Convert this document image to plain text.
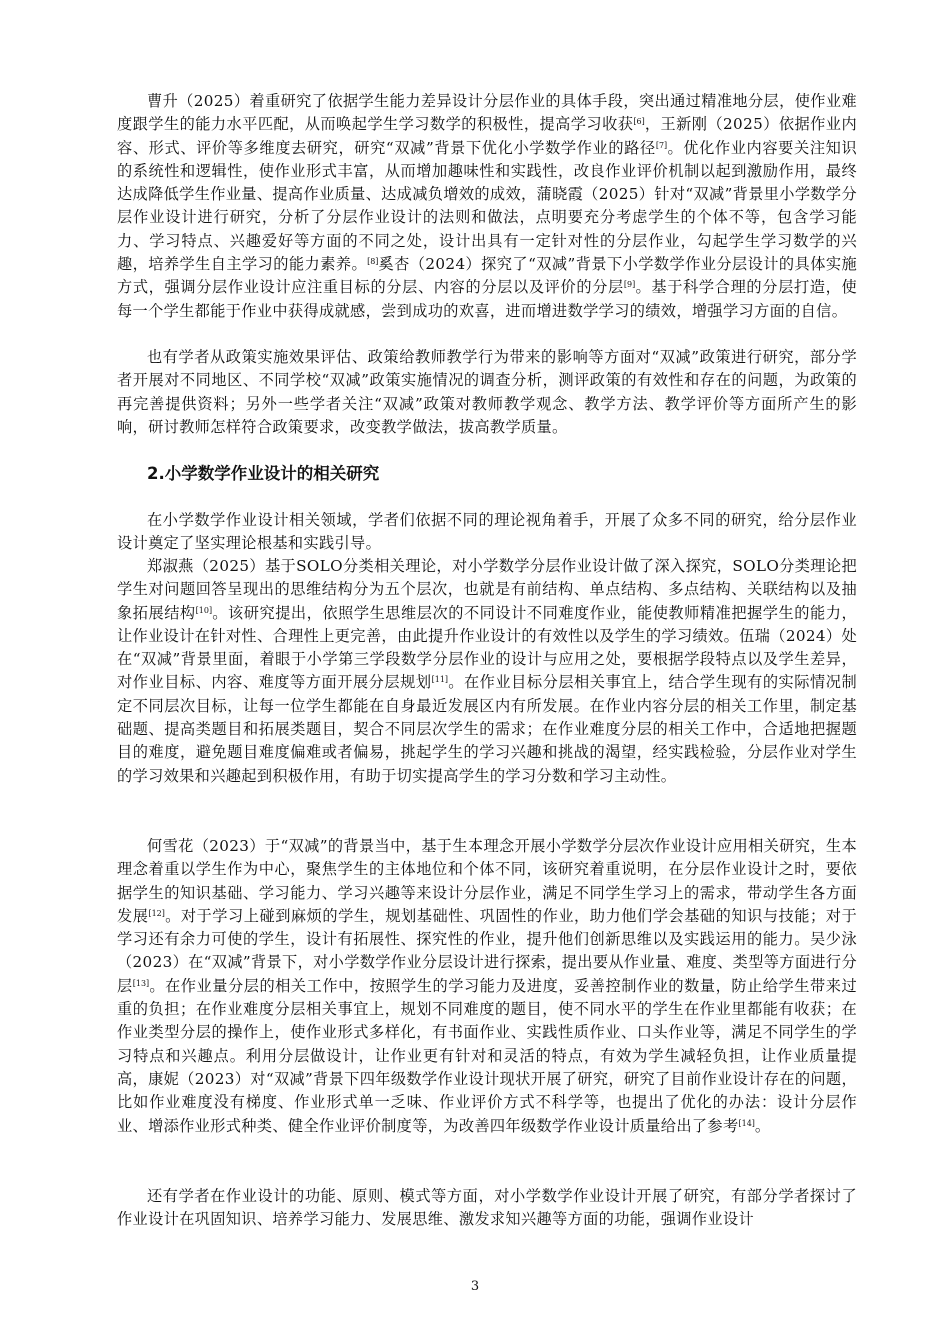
曹升（2025）着重研究了依据学生能力差异设计分层作业的具体手段，突出通过精准地分层，使作业难度跟学生的能力水平匹配，从而唤起学生学习数学的积极性，提高学习收获[6]，王新刚（2025）依据作业内容、形式、评价等多维度去研究，研究“双减”背景下优化小学数学作业的路径[7]。优化作业内容要关注知识的系统性和逻辑性，使作业形式丰富，从而增加趣味性和实践性，改良作业评价机制以起到激励作用，最终达成降低学生作业量、提高作业质量、达成减负增效的成效，蒲晓霞（2025）针对“双减”背景里小学数学分层作业设计进行研究，分析了分层作业设计的法则和做法，点明要充分考虑学生的个体不等，包含学习能力、学习特点、兴趣爱好等方面的不同之处，设计出具有一定针对性的分层作业，勾起学生学习数学的兴趣，培养学生自主学习的能力素养。[8]奚杏（2024）探究了“双减”背景下小学数学作业分层设计的具体实施方式，强调分层作业设计应注重目标的分层、内容的分层以及评价的分层[9]。基于科学合理的分层打造，使每一个学生都能于作业中获得成就感，尝到成功的欢喜，进而增进数学学习的绩效，增强学习方面的自信。

也有学者从政策实施效果评估、政策给教师教学行为带来的影响等方面对“双减”政策进行研究，部分学者开展对不同地区、不同学校“双减”政策实施情况的调查分析，测评政策的有效性和存在的问题，为政策的再完善提供资料；另外一些学者关注“双减”政策对教师教学观念、教学方法、教学评价等方面所产生的影响，研讨教师怎样符合政策要求，改变教学做法，拔高教学质量。

2.小学数学作业设计的相关研究

在小学数学作业设计相关领域，学者们依据不同的理论视角着手，开展了众多不同的研究，给分层作业设计奠定了坚实理论根基和实践引导。

郑淑燕（2025）基于SOLO分类相关理论，对小学数学分层作业设计做了深入探究，SOLO分类理论把学生对问题回答呈现出的思维结构分为五个层次，也就是有前结构、单点结构、多点结构、关联结构以及抽象拓展结构[10]。该研究提出，依照学生思维层次的不同设计不同难度作业，能使教师精准把握学生的能力，让作业设计在针对性、合理性上更完善，由此提升作业设计的有效性以及学生的学习绩效。伍瑞（2024）处在“双减”背景里面，着眼于小学第三学段数学分层作业的设计与应用之处，要根据学段特点以及学生差异，对作业目标、内容、难度等方面开展分层规划[11]。在作业目标分层相关事宜上，结合学生现有的实际情况制定不同层次目标，让每一位学生都能在自身最近发展区内有所发展。在作业内容分层的相关工作里，制定基础题、提高类题目和拓展类题目，契合不同层次学生的需求；在作业难度分层的相关工作中，合适地把握题目的难度，避免题目难度偏难或者偏易，挑起学生的学习兴趣和挑战的渴望，经实践检验，分层作业对学生的学习效果和兴趣起到积极作用，有助于切实提高学生的学习分数和学习主动性。

何雪花（2023）于“双减”的背景当中，基于生本理念开展小学数学分层次作业设计应用相关研究，生本理念着重以学生作为中心，聚焦学生的主体地位和个体不同，该研究着重说明，在分层作业设计之时，要依据学生的知识基础、学习能力、学习兴趣等来设计分层作业，满足不同学生学习上的需求，带动学生各方面发展[12]。对于学习上碰到麻烦的学生，规划基础性、巩固性的作业，助力他们学会基础的知识与技能；对于学习还有余力可使的学生，设计有拓展性、探究性的作业，提升他们创新思维以及实践运用的能力。吴少泳（2023）在“双减”背景下，对小学数学作业分层设计进行探索，提出要从作业量、难度、类型等方面进行分层[13]。在作业量分层的相关工作中，按照学生的学习能力及进度，妥善控制作业的数量，防止给学生带来过重的负担；在作业难度分层相关事宜上，规划不同难度的题目，使不同水平的学生在作业里都能有收获；在作业类型分层的操作上，使作业形式多样化，有书面作业、实践性质作业、口头作业等，满足不同学生的学习特点和兴趣点。利用分层做设计，让作业更有针对和灵活的特点，有效为学生减轻负担，让作业质量提高，康妮（2023）对“双减”背景下四年级数学作业设计现状开展了研究，研究了目前作业设计存在的问题，比如作业难度没有梯度、作业形式单一乏味、作业评价方式不科学等，也提出了优化的办法：设计分层作业、增添作业形式种类、健全作业评价制度等，为改善四年级数学作业设计质量给出了参考[14]。

还有学者在作业设计的功能、原则、模式等方面，对小学数学作业设计开展了研究，有部分学者探讨了作业设计在巩固知识、培养学习能力、发展思维、激发求知兴趣等方面的功能，强调作业设计

3
